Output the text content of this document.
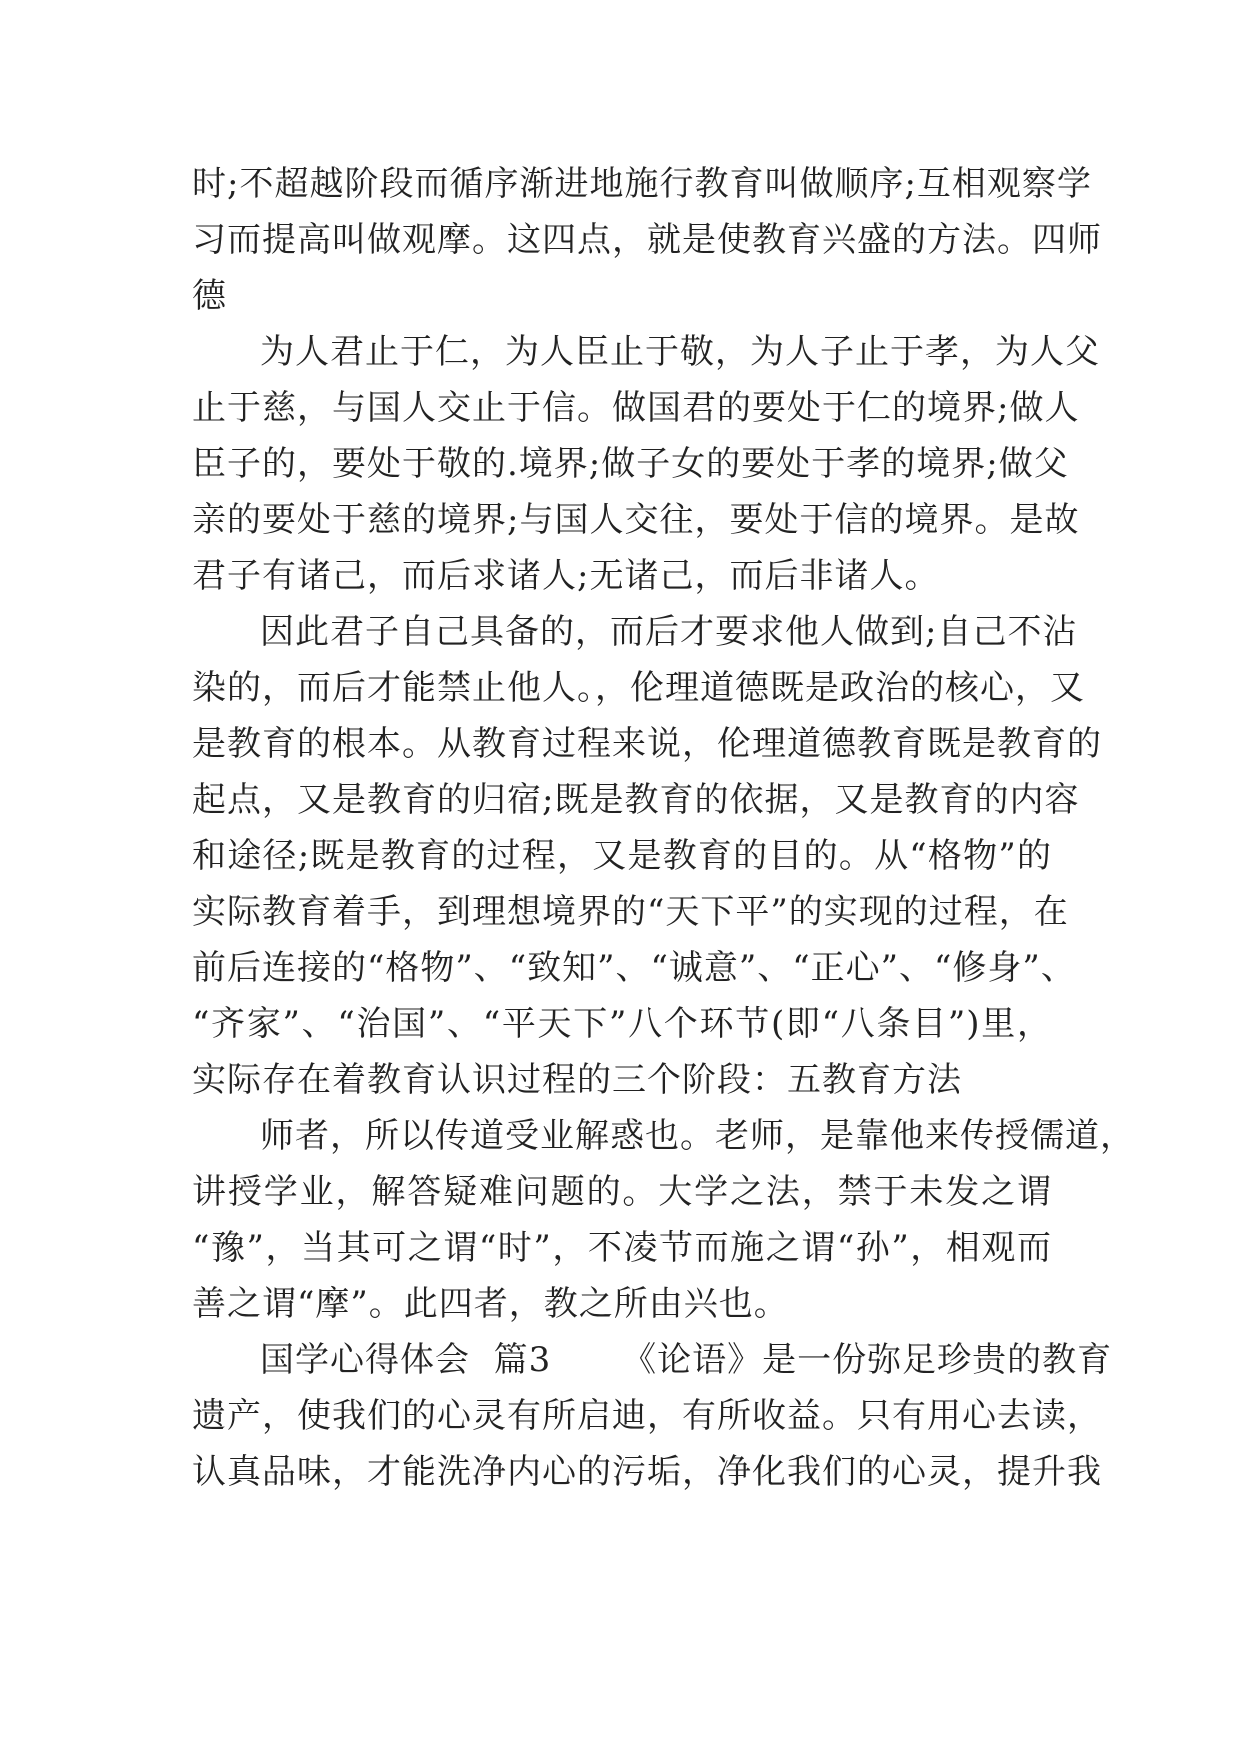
时;不超越阶段而循序渐进地施行教育叫做顺序;互相观察学
习而提高叫做观摩。这四点，就是使教育兴盛的方法。四师
德

为人君止于仁，为人臣止于敬，为人子止于孝，为人父
止于慈，与国人交止于信。做国君的要处于仁的境界;做人
臣子的，要处于敬的.境界;做子女的要处于孝的境界;做父
亲的要处于慈的境界;与国人交往，要处于信的境界。是故
君子有诸己，而后求诸人;无诸己，而后非诸人。

因此君子自己具备的，而后才要求他人做到;自己不沾
染的，而后才能禁止他人。，伦理道德既是政治的核心，又
是教育的根本。从教育过程来说，伦理道德教育既是教育的
起点，又是教育的归宿;既是教育的依据，又是教育的内容
和途径;既是教育的过程，又是教育的目的。从“格物”的
实际教育着手，到理想境界的“天下平”的实现的过程，在
前后连接的“格物”、“致知”、“诚意”、“正心”、“修身”、
“齐家”、“治国”、“平天下”八个环节(即“八条目”)里，
实际存在着教育认识过程的三个阶段：五教育方法

师者，所以传道受业解惑也。老师，是靠他来传授儒道，
讲授学业，解答疑难问题的。大学之法，禁于未发之谓
“豫”，当其可之谓“时”，不凌节而施之谓“孙”，相观而
善之谓“摩”。此四者，教之所由兴也。

国学心得体会  篇3      《论语》是一份弥足珍贵的教育
遗产，使我们的心灵有所启迪，有所收益。只有用心去读，
认真品味，才能洗净内心的污垢，净化我们的心灵，提升我
